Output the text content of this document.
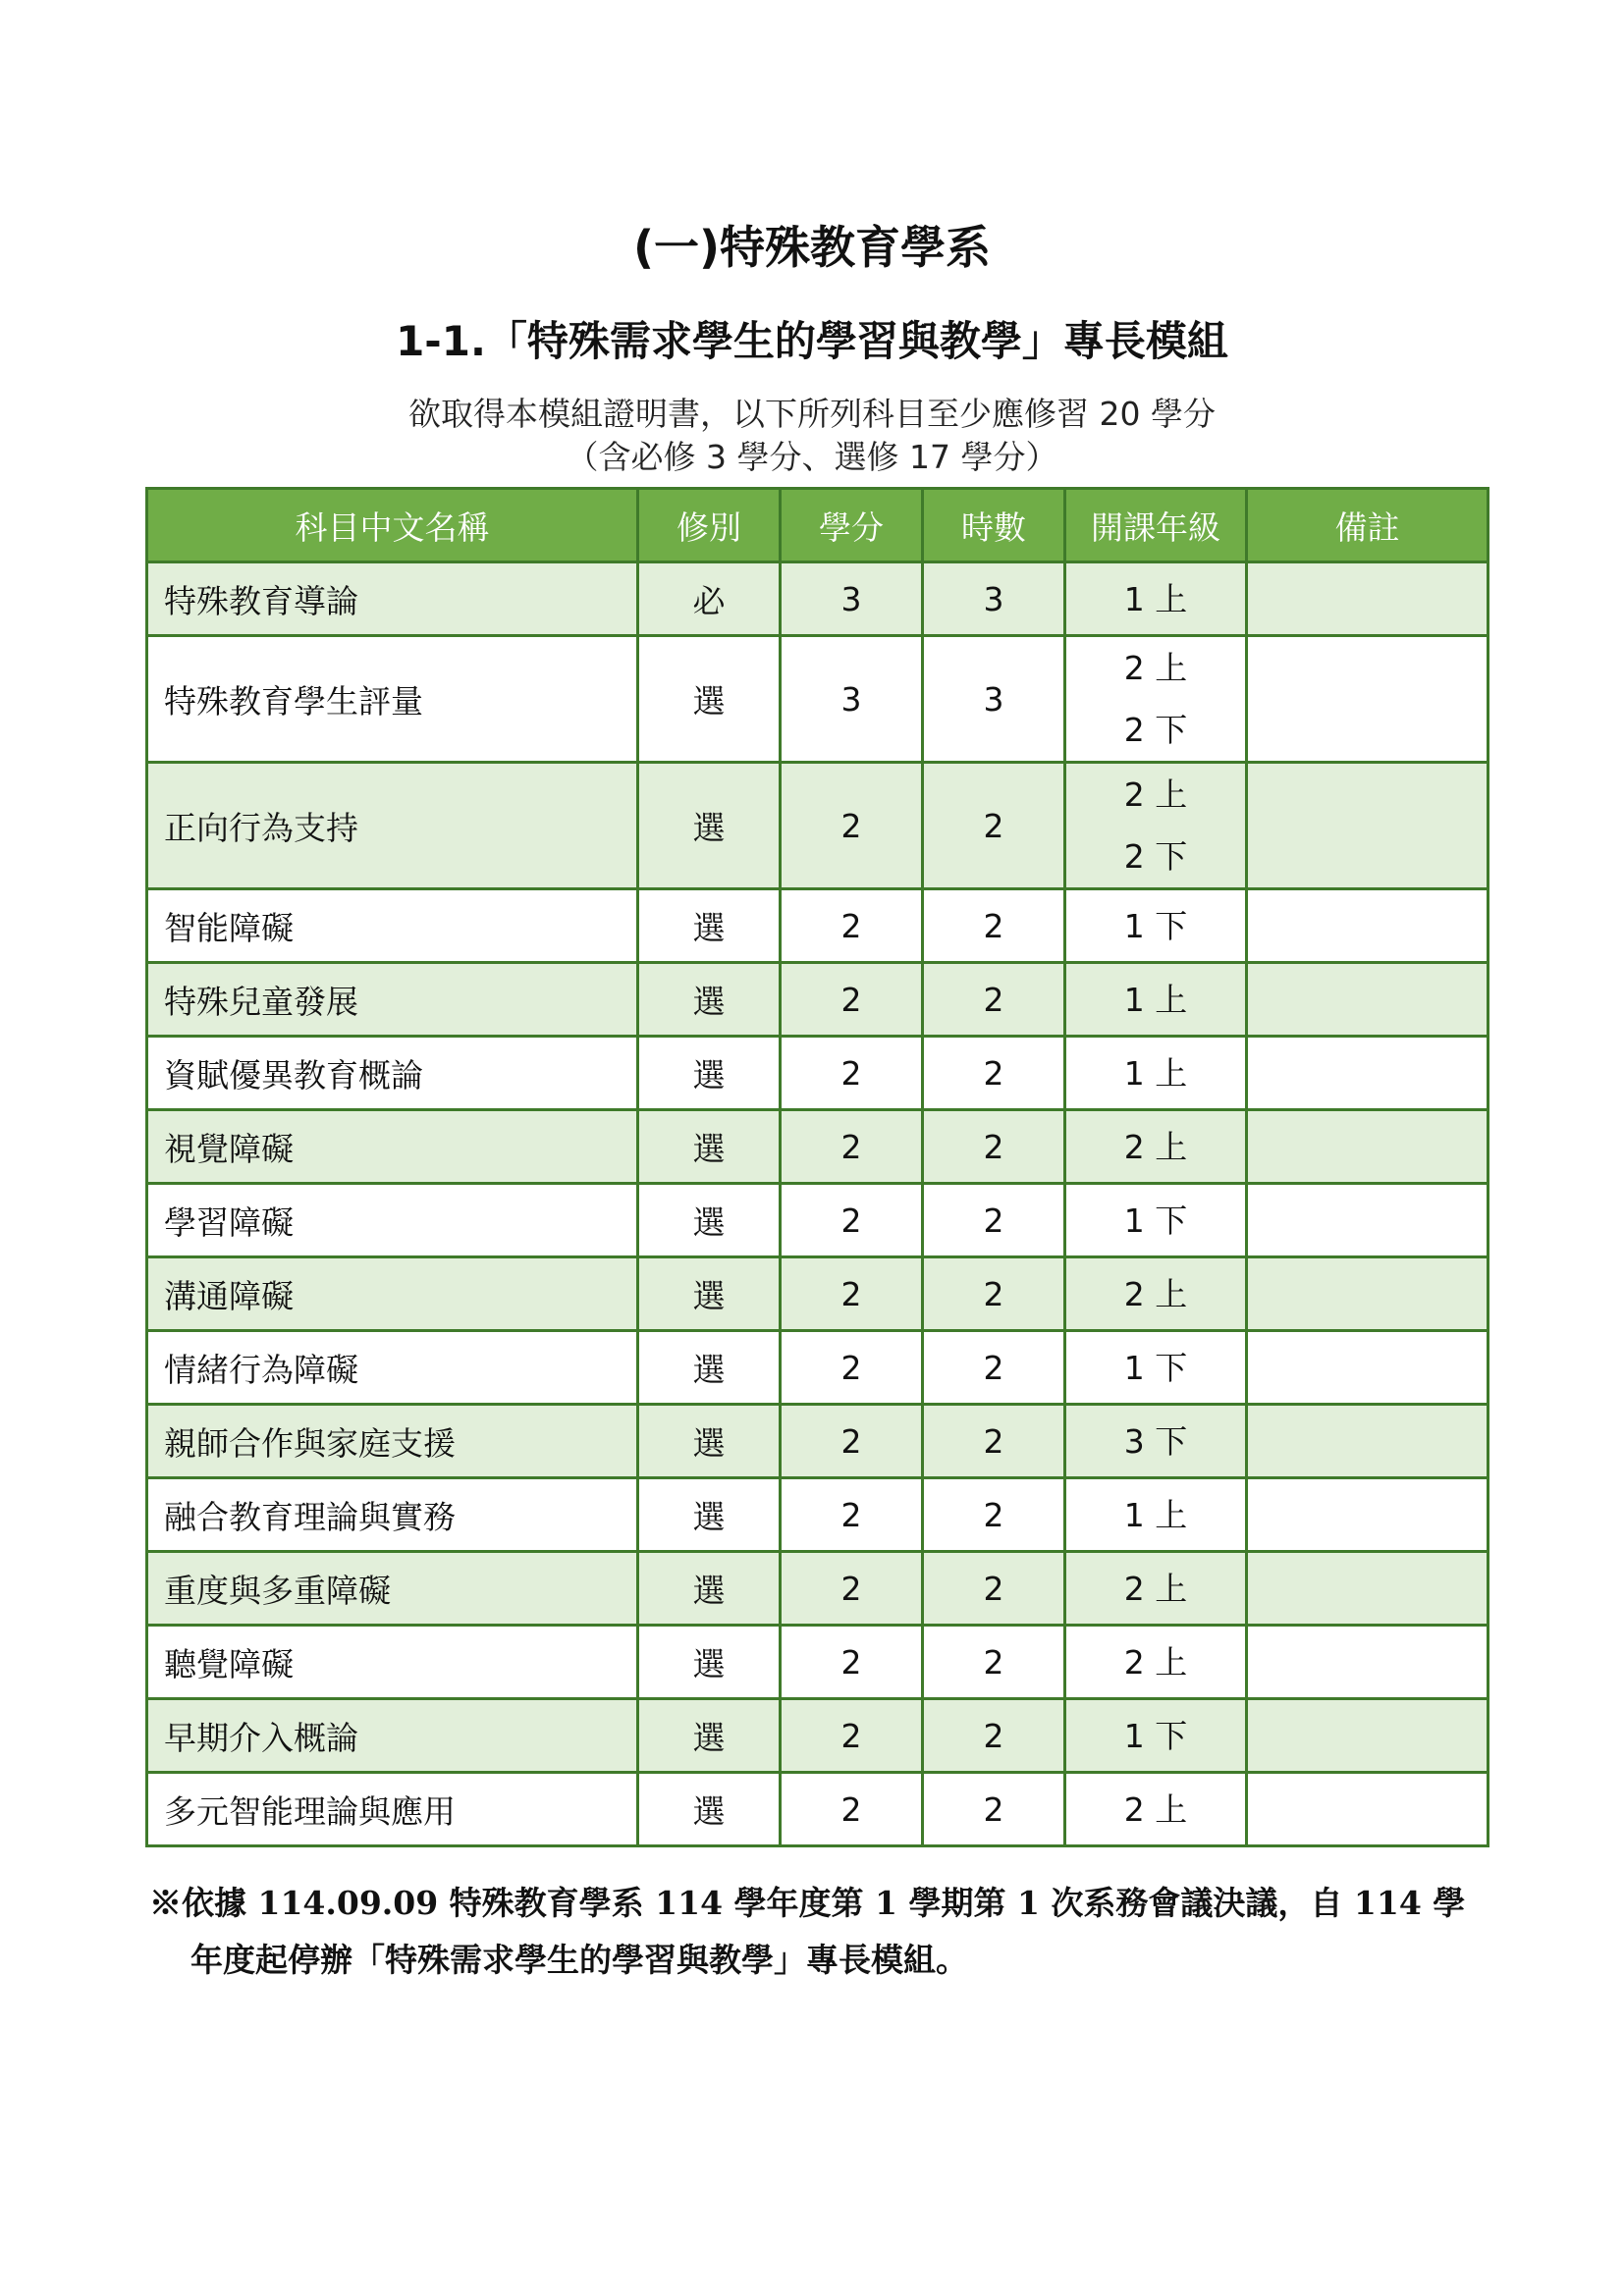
(一)特殊教育學系
1-1.「特殊需求學生的學習與教學」專長模組
欲取得本模組證明書，以下所列科目至少應修習 20 學分
（含必修 3 學分、選修 17 學分）
科目中文名稱	修別	學分	時數	開課年級	備註
特殊教育導論	必	3	3	1 上	

特殊教育學生評量	選	3	3	2 上
2 下	

正向行為支持	選	2	2	2 上
2 下	

智能障礙	選	2	2	1 下	

特殊兒童發展	選	2	2	1 上	

資賦優異教育概論	選	2	2	1 上	

視覺障礙	選	2	2	2 上	

學習障礙	選	2	2	1 下	

溝通障礙	選	2	2	2 上	

情緒行為障礙	選	2	2	1 下	

親師合作與家庭支援	選	2	2	3 下	

融合教育理論與實務	選	2	2	1 上	

重度與多重障礙	選	2	2	2 上	

聽覺障礙	選	2	2	2 上	

早期介入概論	選	2	2	1 下	

多元智能理論與應用	選	2	2	2 上	

※依據 114.09.09 特殊教育學系 114 學年度第 1 學期第 1 次系務會議決議，自 114 學年度起停辦「特殊需求學生的學習與教學」專長模組。
